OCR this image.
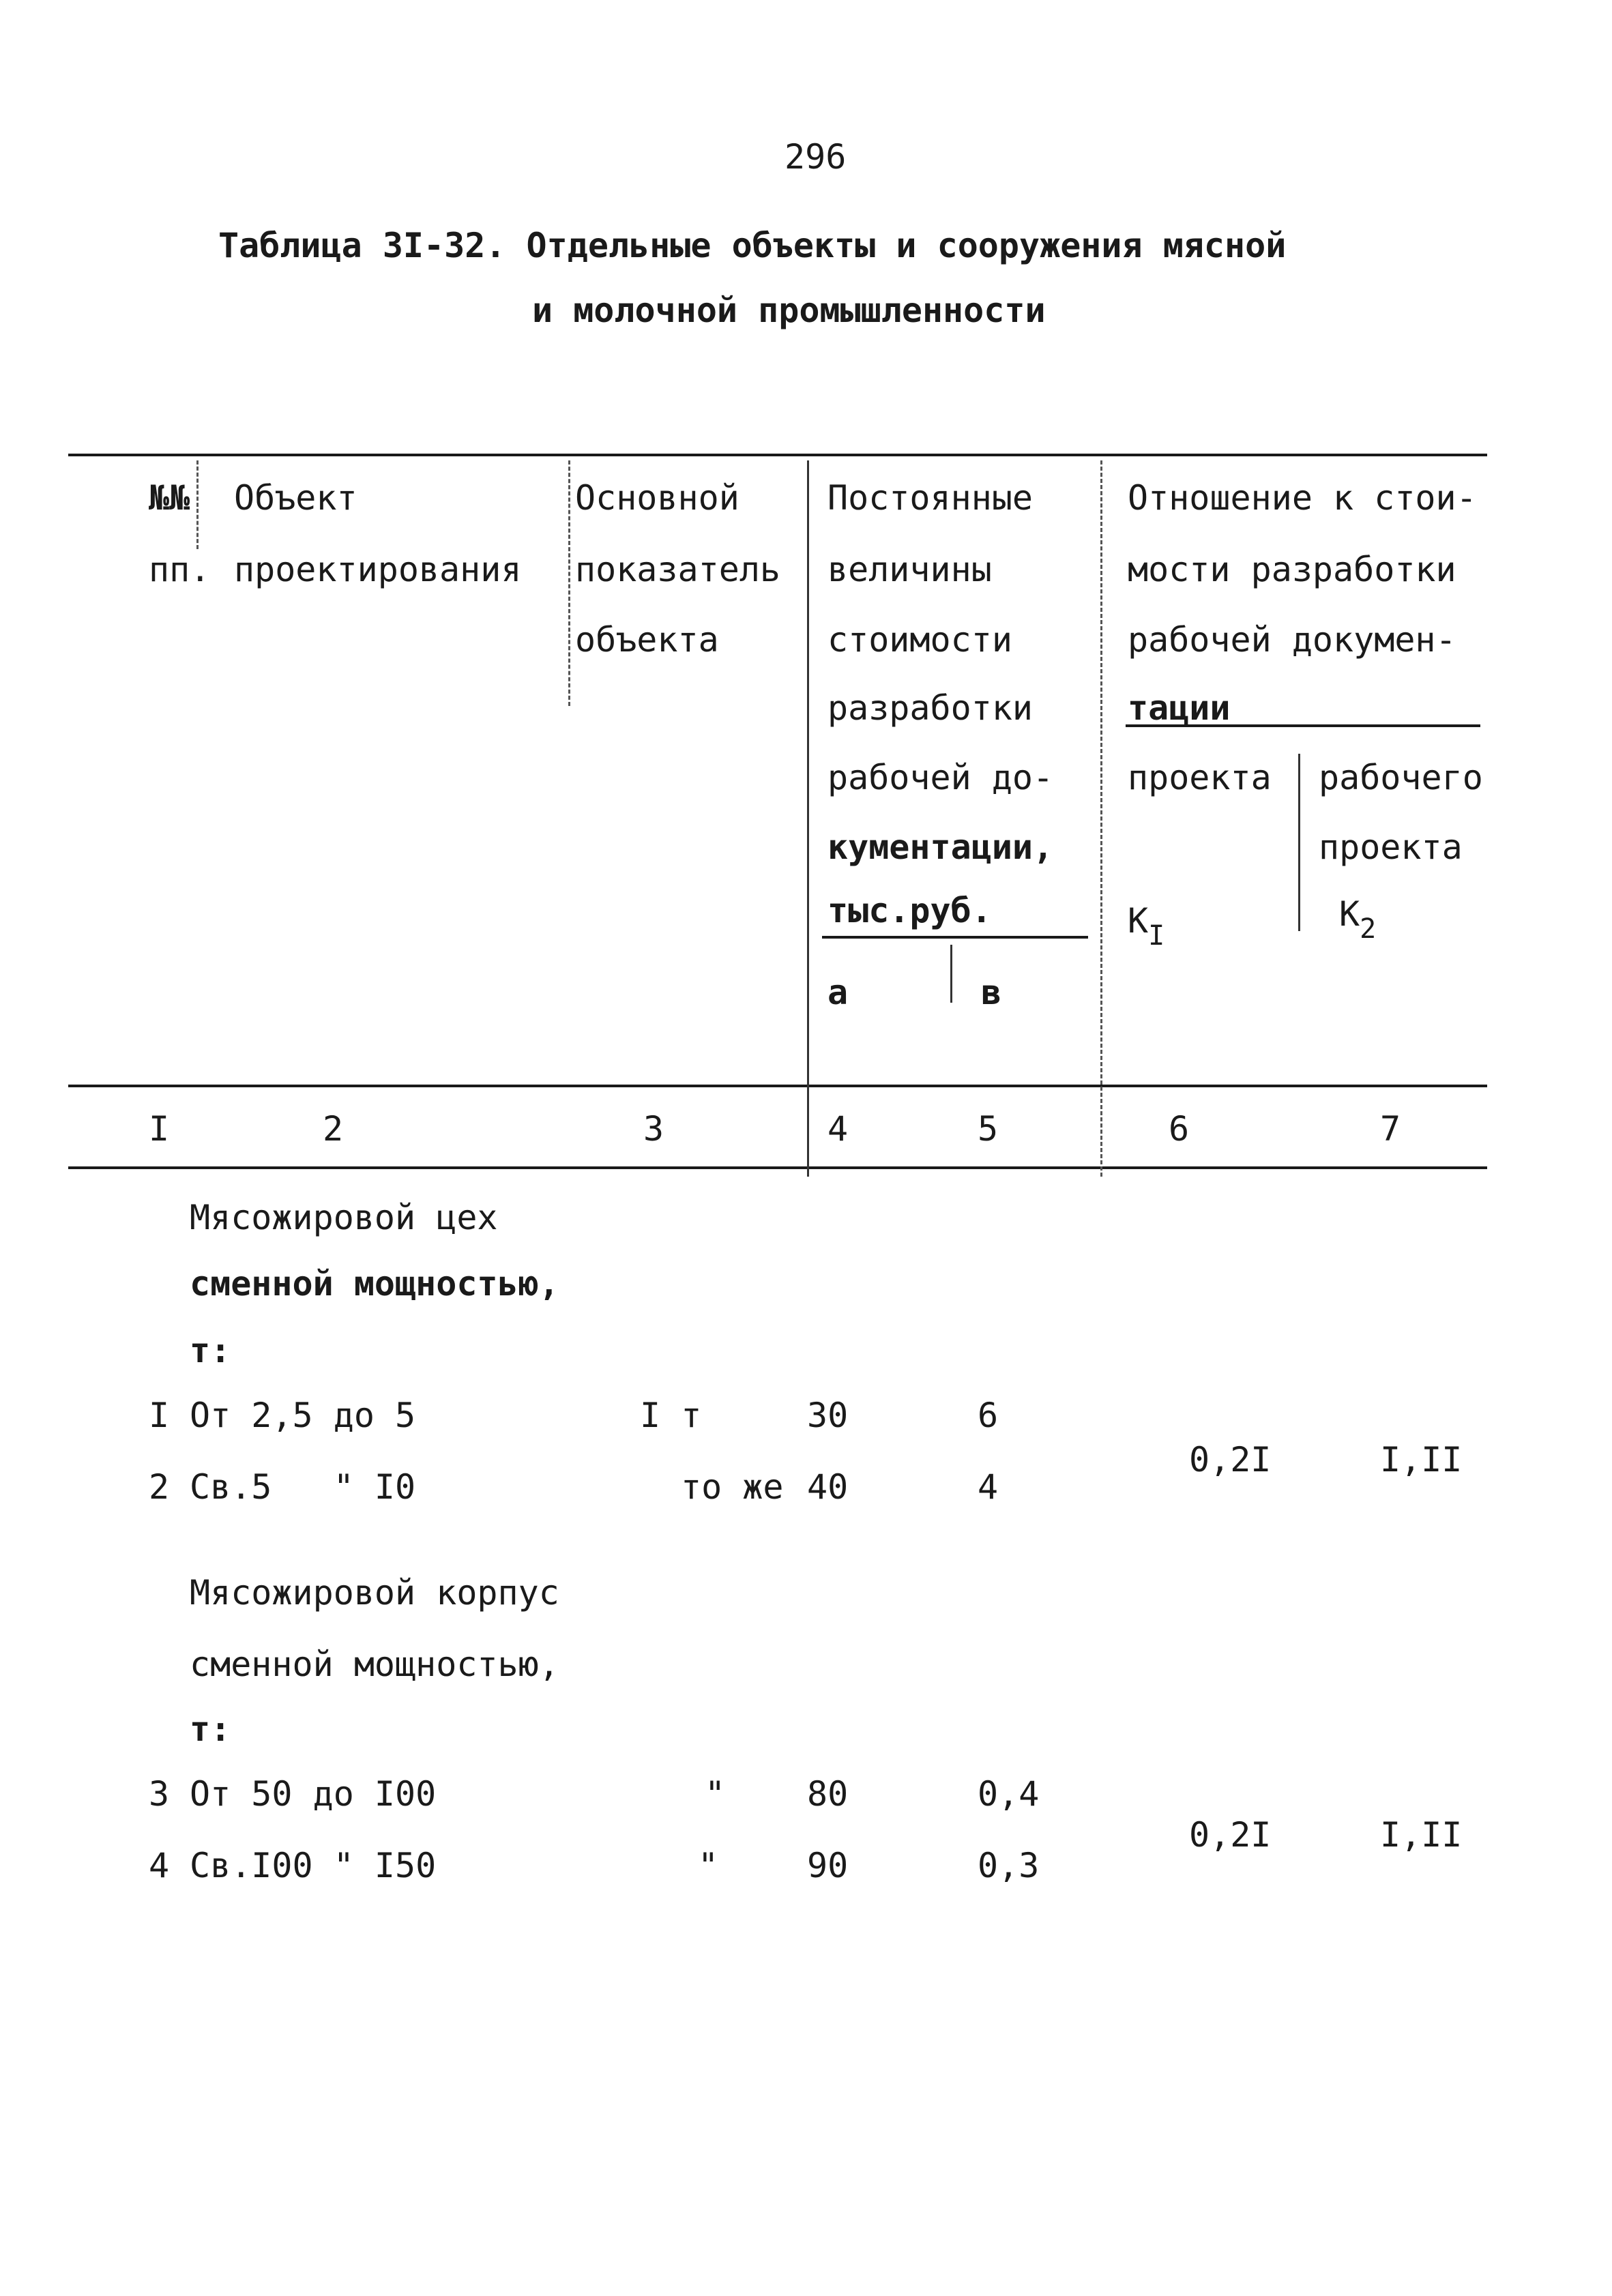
296
Таблица 3I-32. Отдельные объекты и сооружения мясной
и молочной промышленности
№№
пп.
Объект
проектирования
Основной
показатель
объекта
Постоянные
величины
стоимости
разработки
рабочей до-
кументации,
тыс.руб.
а	в
Отношение к стои-
мости разработки
рабочей докумен-
тации
проекта
$K_I$
рабочего
проекта
$K_2$
I	2	3	4	5	6	7
Мясожировой цех
сменной мощностью,
т:
I От 2,5 до 5	I т	30	6
2 Св.5   " I0	то же 40	4
0,2I	I,II
Мясожировой корпус
сменной мощностью,
т:
3 От 50 до I00	" 80	0,4
4 Св.I00 " I50	"	90	0,3
0,2I	I,II
